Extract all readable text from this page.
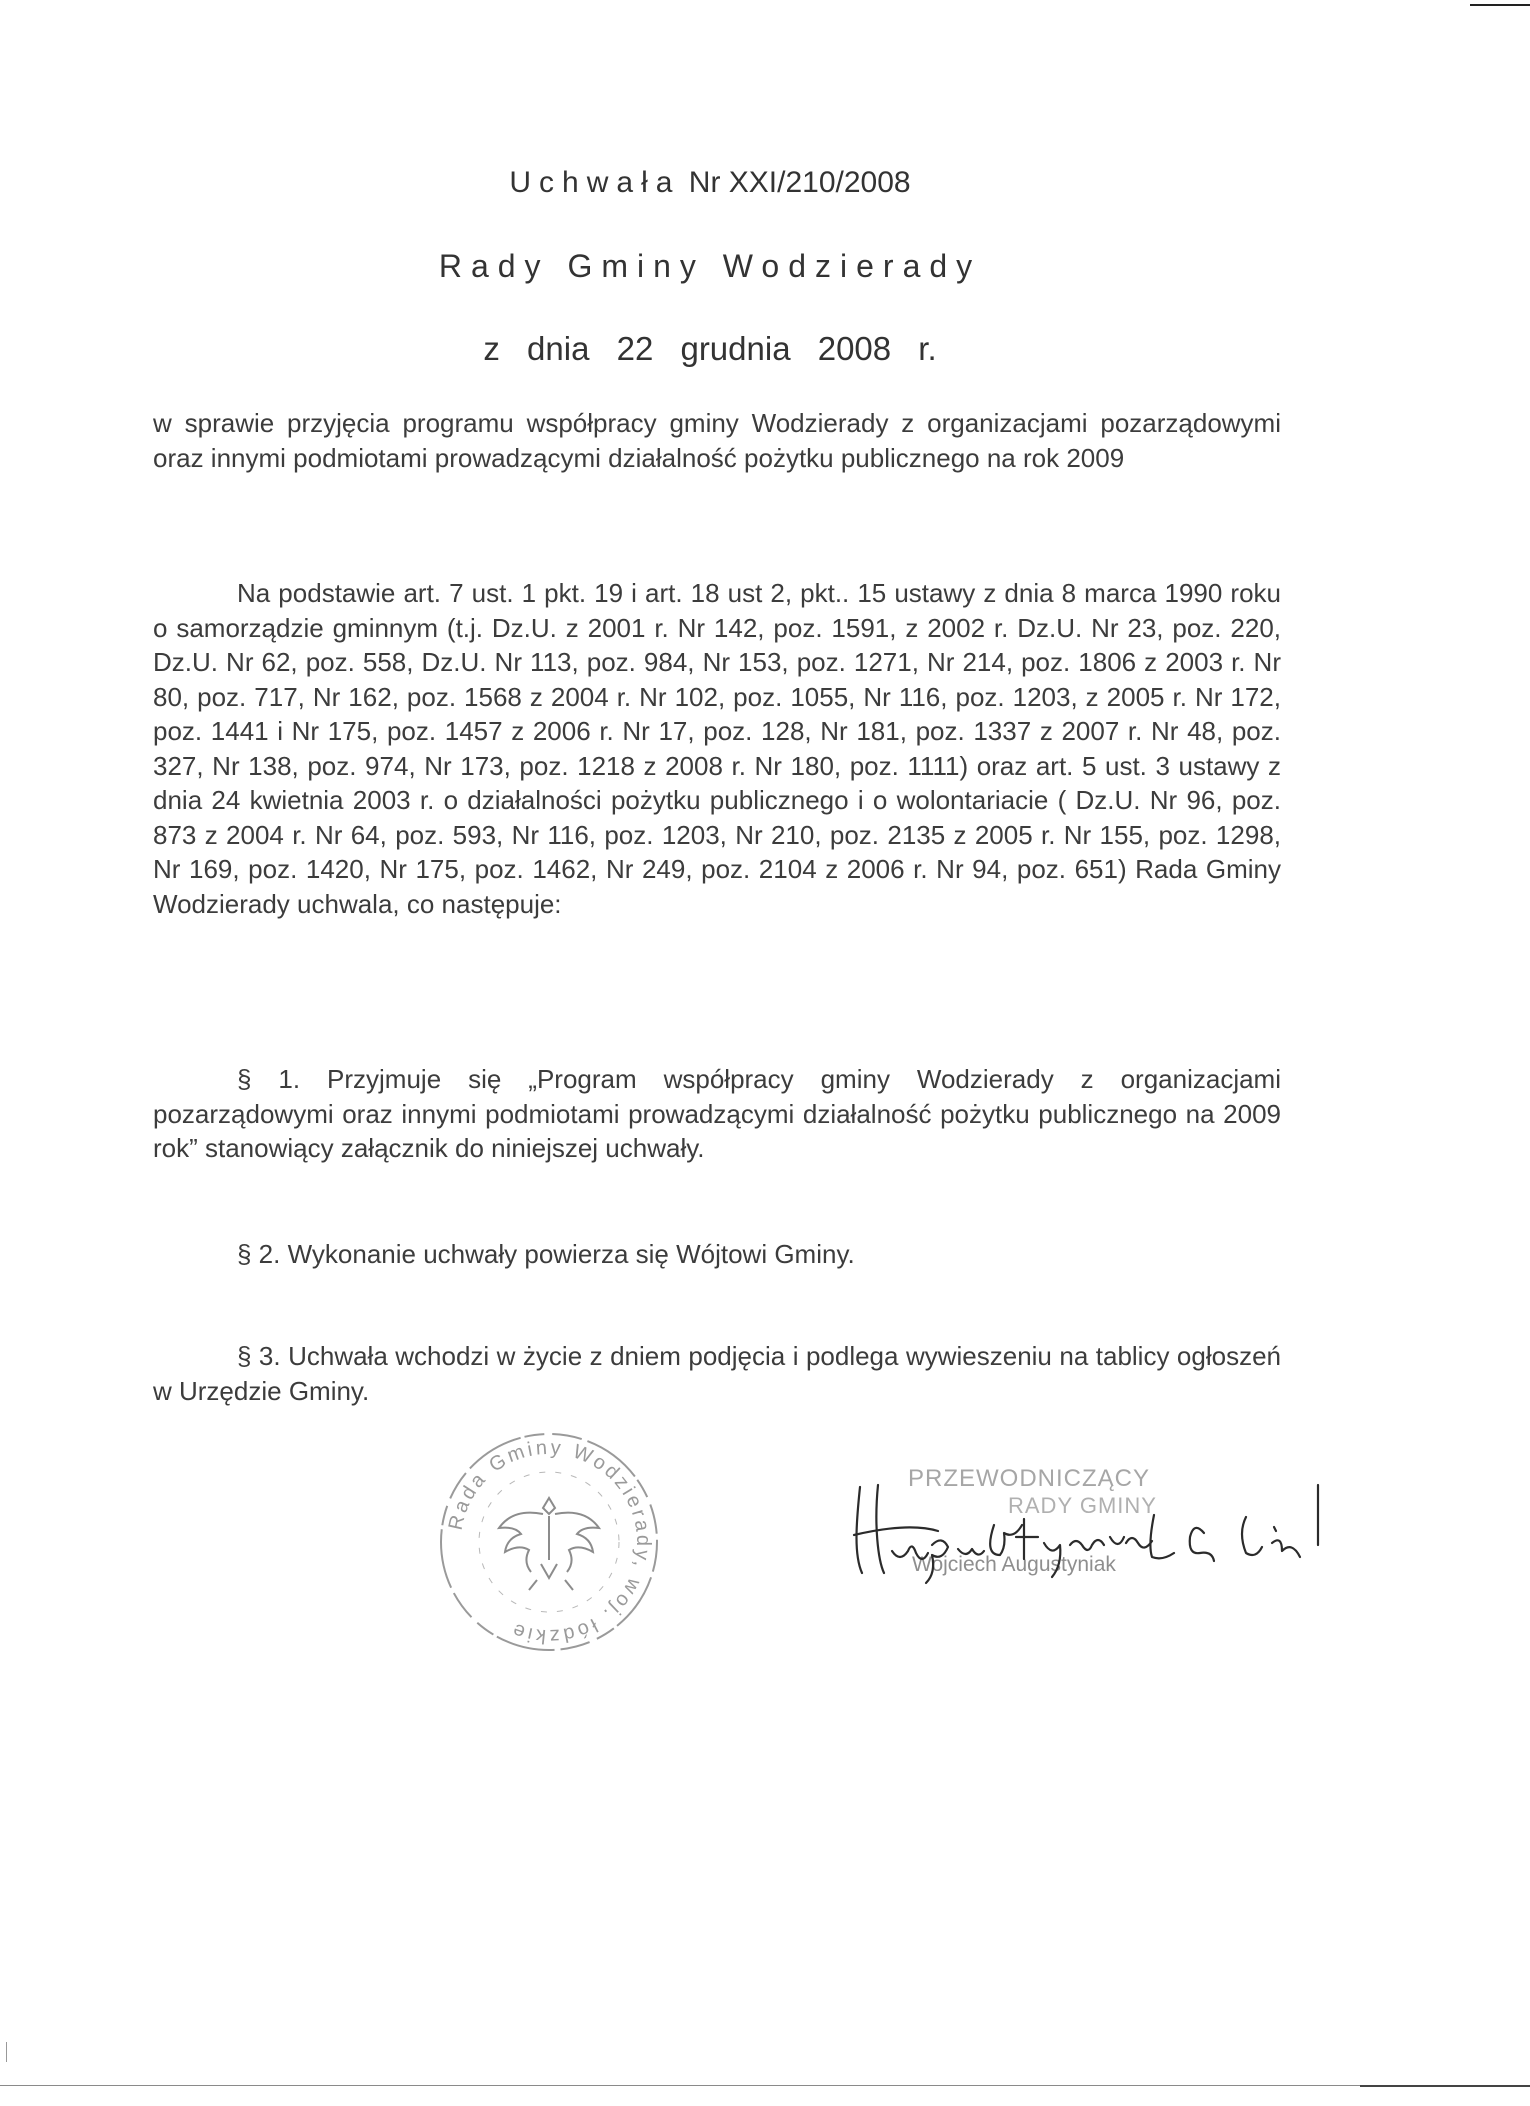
Uchwała Nr XXI/210/2008
Rady Gminy Wodzierady
z dnia 22 grudnia 2008 r.

w sprawie przyjęcia programu współpracy gminy Wodzierady z organizacjami pozarządowymi oraz innymi podmiotami prowadzącymi działalność pożytku publicznego na rok 2009

Na podstawie art. 7 ust. 1 pkt. 19 i art. 18 ust 2, pkt.. 15 ustawy z dnia 8 marca 1990 roku o samorządzie gminnym (t.j. Dz.U. z 2001 r. Nr 142, poz. 1591, z 2002 r. Dz.U. Nr 23, poz. 220, Dz.U. Nr 62, poz. 558, Dz.U. Nr 113, poz. 984, Nr 153, poz. 1271, Nr 214, poz. 1806 z 2003 r. Nr 80, poz. 717, Nr 162, poz. 1568 z 2004 r. Nr 102, poz. 1055, Nr 116, poz. 1203, z 2005 r. Nr 172, poz. 1441 i Nr 175, poz. 1457 z 2006 r. Nr 17, poz. 128, Nr 181, poz. 1337 z 2007 r. Nr 48, poz. 327, Nr 138, poz. 974, Nr 173, poz. 1218 z 2008 r. Nr 180, poz. 1111) oraz art. 5 ust. 3 ustawy z dnia 24 kwietnia 2003 r. o działalności pożytku publicznego i o wolontariacie ( Dz.U. Nr 96, poz. 873 z 2004 r. Nr 64, poz. 593, Nr 116, poz. 1203, Nr 210, poz. 2135 z 2005 r. Nr 155, poz. 1298, Nr 169, poz. 1420, Nr 175, poz. 1462, Nr 249, poz. 2104 z 2006 r. Nr 94, poz. 651) Rada Gminy Wodzierady uchwala, co następuje:

§ 1. Przyjmuje się „Program współpracy gminy Wodzierady z organizacjami pozarządowymi oraz innymi podmiotami prowadzącymi działalność pożytku publicznego na 2009 rok” stanowiący załącznik do niniejszej uchwały.

§ 2. Wykonanie uchwały powierza się Wójtowi Gminy.

§ 3. Uchwała wchodzi w życie z dniem podjęcia i podlega wywieszeniu na tablicy ogłoszeń w Urzędzie Gminy.

Rada Gminy Wodzierady, woj. łódzkie
PRZEWODNICZĄCY
RADY GMINY
Wojciech Augustyniak
